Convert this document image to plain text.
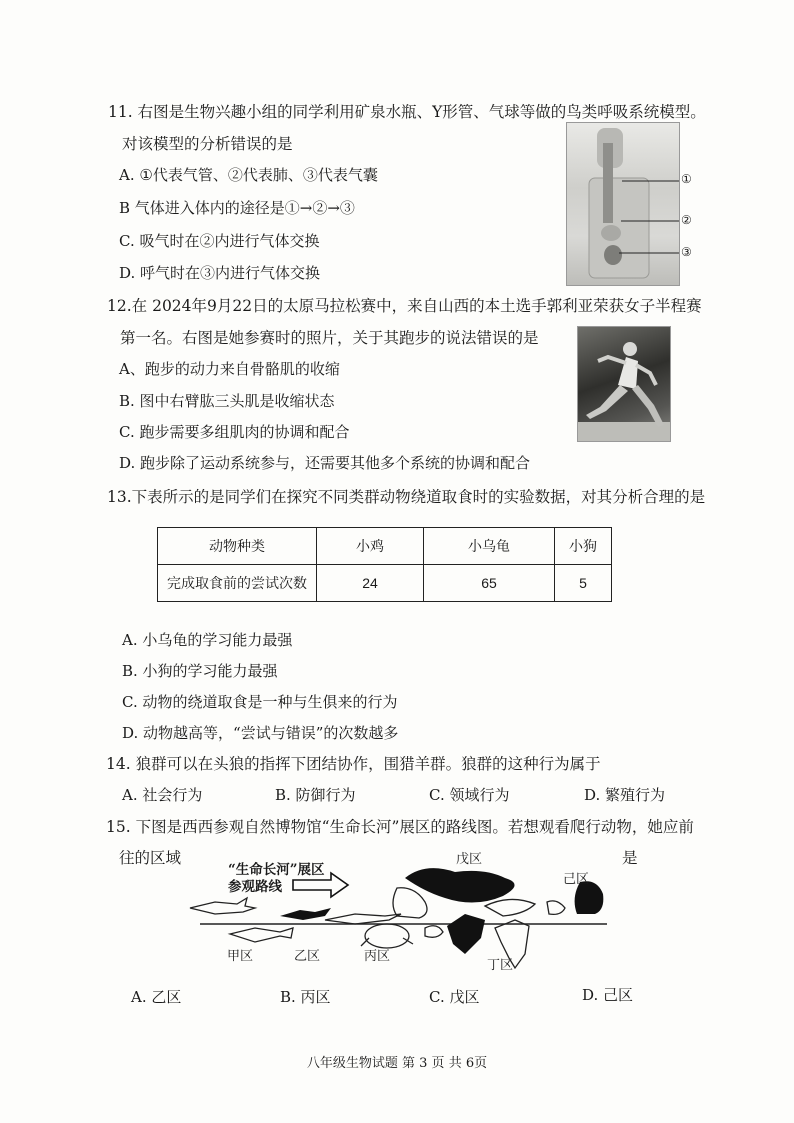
11. 右图是生物兴趣小组的同学利用矿泉水瓶、Y形管、气球等做的鸟类呼吸系统模型。
对该模型的分析错误的是
A. ①代表气管、②代表肺、③代表气囊
B 气体进入体内的途径是①→②→③
C. 吸气时在②内进行气体交换
D. 呼气时在③内进行气体交换
①
②
③
12.在 2024年9月22日的太原马拉松赛中，来自山西的本土选手郭利亚荣获女子半程赛
第一名。右图是她参赛时的照片，关于其跑步的说法错误的是
A、跑步的动力来自骨骼肌的收缩
B. 图中右臂肱三头肌是收缩状态
C. 跑步需要多组肌肉的协调和配合
D. 跑步除了运动系统参与，还需要其他多个系统的协调和配合
13.下表所示的是同学们在探究不同类群动物绕道取食时的实验数据，对其分析合理的是
动物种类	小鸡	小乌龟	小狗
完成取食前的尝试次数	24	65	5
A. 小乌龟的学习能力最强
B. 小狗的学习能力最强
C. 动物的绕道取食是一种与生俱来的行为
D. 动物越高等，“尝试与错误”的次数越多
14. 狼群可以在头狼的指挥下团结协作，围猎羊群。狼群的这种行为属于
A. 社会行为	B. 防御行为	C. 领域行为	D. 繁殖行为
15. 下图是西西参观自然博物馆“生命长河”展区的路线图。若想观看爬行动物，她应前
往的区域	是
“生命长河”展区
参观路线
戊区
己区
甲区	乙区	丙区
丁区
A. 乙区	B. 丙区	C. 戊区	D. 己区
八年级生物试题 第 3 页 共 6页
